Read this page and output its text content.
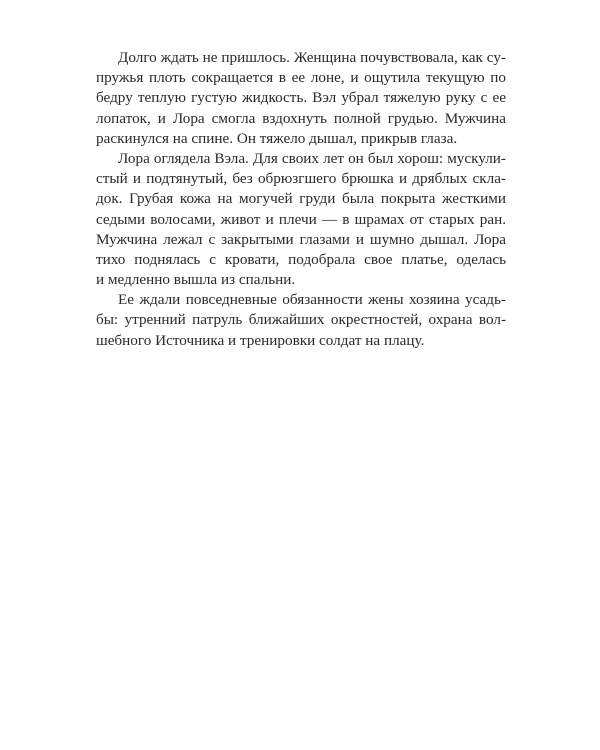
Долго ждать не пришлось. Женщина почувствовала, как су-
пружья плоть сокращается в ее лоне, и ощутила текущую по
бедру теплую густую жидкость. Вэл убрал тяжелую руку с ее
лопаток, и Лора смогла вздохнуть полной грудью. Мужчина
раскинулся на спине. Он тяжело дышал, прикрыв глаза.
Лора оглядела Вэла. Для своих лет он был хорош: мускули-
стый и подтянутый, без обрюзгшего брюшка и дряблых скла-
док. Грубая кожа на могучей груди была покрыта жесткими
седыми волосами, живот и плечи — в шрамах от старых ран.
Мужчина лежал с закрытыми глазами и шумно дышал. Лора
тихо поднялась с кровати, подобрала свое платье, оделась
и медленно вышла из спальни.
Ее ждали повседневные обязанности жены хозяина усадь-
бы: утренний патруль ближайших окрестностей, охрана вол-
шебного Источника и тренировки солдат на плацу.
